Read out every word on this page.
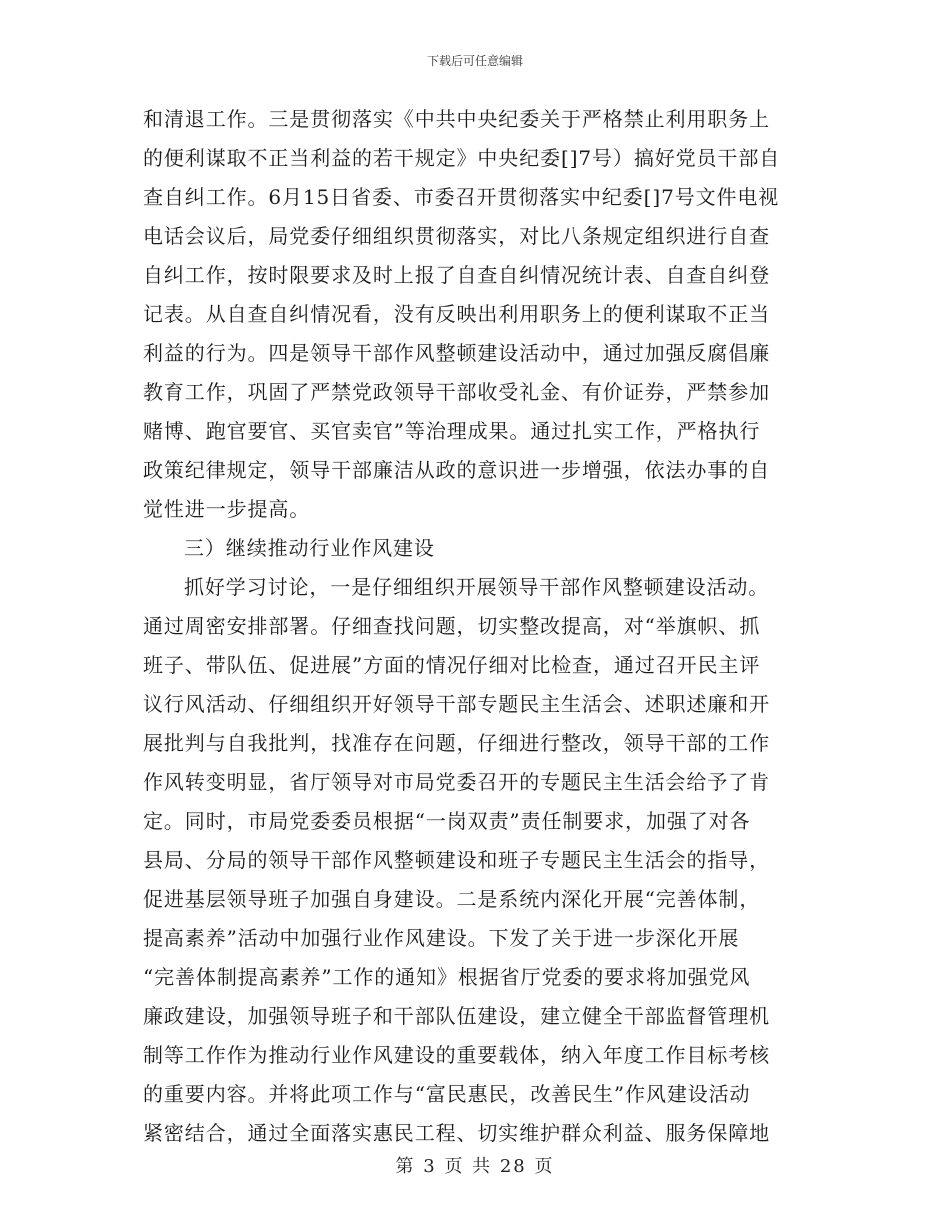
下载后可任意编辑
和清退工作。三是贯彻落实《中共中央纪委关于严格禁止利用职务上
的便利谋取不正当利益的若干规定》中央纪委[]7号）搞好党员干部自
查自纠工作。6月15日省委、市委召开贯彻落实中纪委[]7号文件电视
电话会议后，局党委仔细组织贯彻落实，对比八条规定组织进行自查
自纠工作，按时限要求及时上报了自查自纠情况统计表、自查自纠登
记表。从自查自纠情况看，没有反映出利用职务上的便利谋取不正当
利益的行为。四是领导干部作风整顿建设活动中，通过加强反腐倡廉
教育工作，巩固了严禁党政领导干部收受礼金、有价证券，严禁参加
赌博、跑官要官、买官卖官”等治理成果。通过扎实工作，严格执行
政策纪律规定，领导干部廉洁从政的意识进一步增强，依法办事的自
觉性进一步提高。
三）继续推动行业作风建设
抓好学习讨论，一是仔细组织开展领导干部作风整顿建设活动。
通过周密安排部署。仔细查找问题，切实整改提高，对“举旗帜、抓
班子、带队伍、促进展”方面的情况仔细对比检查，通过召开民主评
议行风活动、仔细组织开好领导干部专题民主生活会、述职述廉和开
展批判与自我批判，找准存在问题，仔细进行整改，领导干部的工作
作风转变明显，省厅领导对市局党委召开的专题民主生活会给予了肯
定。同时，市局党委委员根据“一岗双责”责任制要求，加强了对各
县局、分局的领导干部作风整顿建设和班子专题民主生活会的指导，
促进基层领导班子加强自身建设。二是系统内深化开展“完善体制，
提高素养”活动中加强行业作风建设。下发了关于进一步深化开展
“完善体制提高素养”工作的通知》根据省厅党委的要求将加强党风
廉政建设，加强领导班子和干部队伍建设，建立健全干部监督管理机
制等工作作为推动行业作风建设的重要载体，纳入年度工作目标考核
的重要内容。并将此项工作与“富民惠民，改善民生”作风建设活动
紧密结合，通过全面落实惠民工程、切实维护群众利益、服务保障地
第 3 页 共 28 页
